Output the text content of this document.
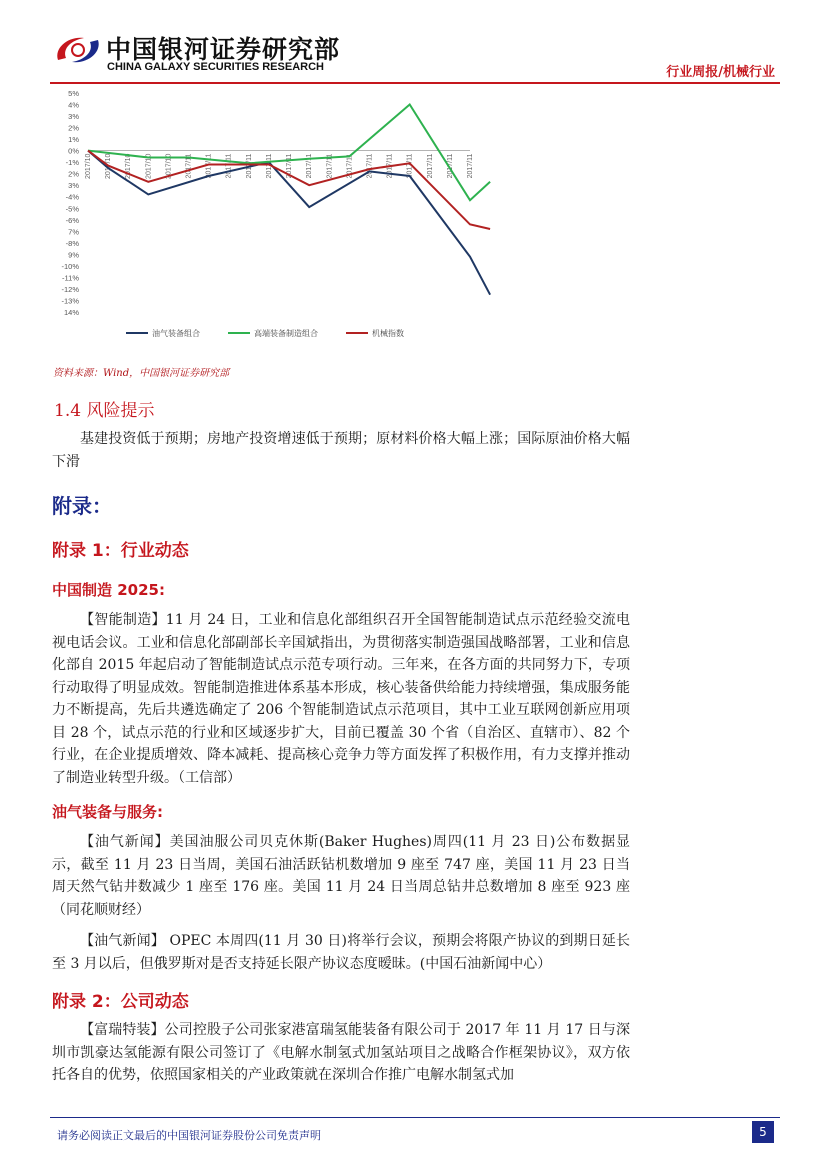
中国银河证券研究部
CHINA GALAXY SECURITIES RESEARCH	行业周报/机械行业
5%
4%
3%
2%
1%
0%
-1%
2%
3%
-4%
-5%
-6%
7%
-8%
9%
-10%
-11%
-12%
-13%
14%
2017/10 2017/10 2017/10 2017/10 2017/10 2017/11 2017/11 2017/11 2017/11 2017/11 2017/11 2017/11 2017/11 2017/11 2017/11 2017/11 2017/11 2017/11 2017/11 2017/11
油气装备组合	高端装备制造组合	机械指数
资料来源：Wind，中国银河证券研究部
1.4 风险提示
基建投资低于预期；房地产投资增速低于预期；原材料价格大幅上涨；国际原油价格大幅下滑
附录：
附录 1：行业动态
中国制造 2025:
【智能制造】11 月 24 日，工业和信息化部组织召开全国智能制造试点示范经验交流电视电话会议。工业和信息化部副部长辛国斌指出，为贯彻落实制造强国战略部署，工业和信息化部自 2015 年起启动了智能制造试点示范专项行动。三年来，在各方面的共同努力下，专项行动取得了明显成效。智能制造推进体系基本形成，核心装备供给能力持续增强，集成服务能力不断提高，先后共遴选确定了 206 个智能制造试点示范项目，其中工业互联网创新应用项目 28 个，试点示范的行业和区域逐步扩大，目前已覆盖 30 个省（自治区、直辖市）、82 个行业，在企业提质增效、降本减耗、提高核心竞争力等方面发挥了积极作用，有力支撑并推动了制造业转型升级。（工信部）
油气装备与服务:
【油气新闻】美国油服公司贝克休斯(Baker Hughes)周四(11 月 23 日)公布数据显示，截至 11 月 23 日当周，美国石油活跃钻机数增加 9 座至 747 座，美国 11 月 23 日当周天然气钻井数减少 1 座至 176 座。美国 11 月 24 日当周总钻井总数增加 8 座至 923 座（同花顺财经）
【油气新闻】 OPEC 本周四(11 月 30 日)将举行会议，预期会将限产协议的到期日延长至 3 月以后，但俄罗斯对是否支持延长限产协议态度暧昧。(中国石油新闻中心）
附录 2：公司动态
【富瑞特装】公司控股子公司张家港富瑞氢能装备有限公司于 2017 年 11 月 17 日与深圳市凯豪达氢能源有限公司签订了《电解水制氢式加氢站项目之战略合作框架协议》，双方依托各自的优势，依照国家相关的产业政策就在深圳合作推广电解水制氢式加
请务必阅读正文最后的中国银河证券股份公司免责声明	5
